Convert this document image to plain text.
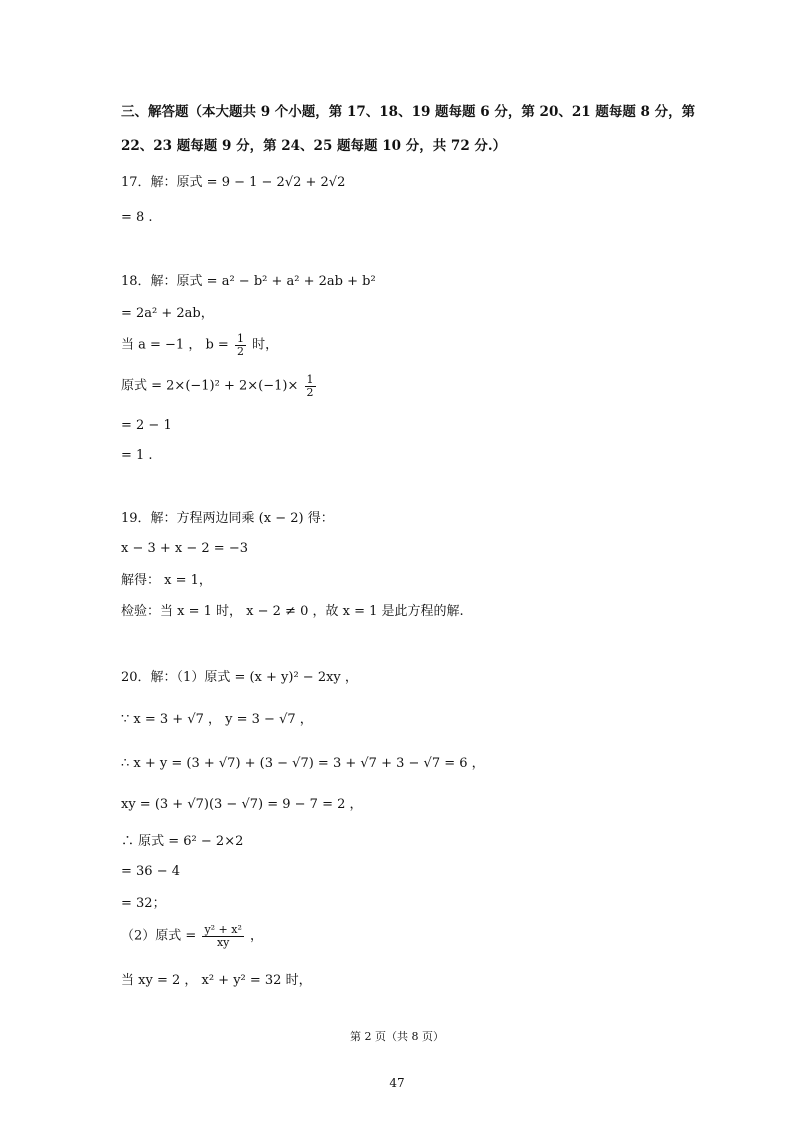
三、解答题（本大题共 9 个小题，第 17、18、19 题每题 6 分，第 20、21 题每题 8 分，第
22、23 题每题 9 分，第 24、25 题每题 10 分，共 72 分.）
17．解：原式 = 9 − 1 − 2√2 + 2√2
= 8 .
18．解：原式 = a² − b² + a² + 2ab + b²
= 2a² + 2ab，
当 a = −1 ， $b = \frac{1}{2}$ 时，
原式 = $2\times(-1)^2 + 2\times(-1)\times \frac{1}{2}$
= 2 − 1
= 1 .
19．解：方程两边同乘 (x − 2) 得：
x − 3 + x − 2 = −3
解得： x = 1，
检验：当 x = 1 时， x − 2 ≠ 0 ，故 x = 1 是此方程的解.
20．解：（1）原式 = (x + y)² − 2xy ，
∵ x = 3 + √7 ， y = 3 − √7 ，
∴ x + y = (3 + √7) + (3 − √7) = 3 + √7 + 3 − √7 = 6 ，
xy = (3 + √7)(3 − √7) = 9 − 7 = 2 ，
∴ 原式 = 6² − 2×2
= 36 − 4
= 32；
（2）原式 = $\frac{\text{y² + x²}}{xy}$ ，
当 xy = 2 ， x² + y² = 32 时，
第 2 页（共 8 页）
47
